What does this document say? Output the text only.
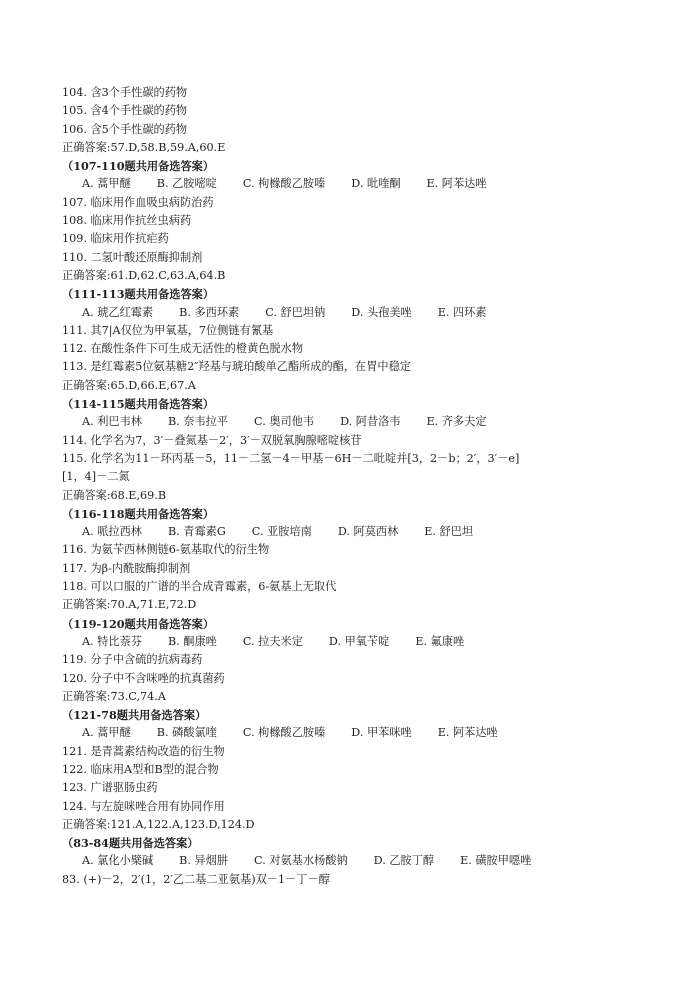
104. 含3个手性碳的药物
105. 含4个手性碳的药物
106. 含5个手性碳的药物
正确答案:57.D,58.B,59.A,60.E
（107-110题共用备选答案）
A. 蒿甲醚 B. 乙胺嘧啶 C. 枸橼酸乙胺嗪 D. 吡喹酮 E. 阿苯达唑
107. 临床用作血吸虫病防治药
108. 临床用作抗丝虫病药
109. 临床用作抗疟药
110. 二氢叶酸还原酶抑制剂
正确答案:61.D,62.C,63.A,64.B
（111-113题共用备选答案）
A. 琥乙红霉素 B. 多西环素 C. 舒巴坦钠 D. 头孢美唑 E. 四环素
111. 其7|A仅位为甲氧基，7位侧链有氰基
112. 在酸性条件下可生成无活性的橙黄色脱水物
113. 是红霉素5位氨基糖2″羟基与琥珀酸单乙酯所成的酯，在胃中稳定
正确答案:65.D,66.E,67.A
（114-115题共用备选答案）
A. 利巴韦林 B. 奈韦拉平 C. 奥司他韦 D. 阿昔洛韦 E. 齐多夫定
114. 化学名为7，3′－叠氮基－2′，3′－双脱氧胸腺嘧啶核苷
115. 化学名为11－环丙基－5，11－二氢－4－甲基－6H－二吡啶并[3，2－b；2′，3′－e]
[1，4]－二氮
正确答案:68.E,69.B
（116-118题共用备选答案）
A. 哌拉西林 B. 青霉素G C. 亚胺培南 D. 阿莫西林 E. 舒巴坦
116. 为氨苄西林侧链6-氨基取代的衍生物
117. 为β-内酰胺酶抑制剂
118. 可以口服的广谱的半合成青霉素，6-氨基上无取代
正确答案:70.A,71.E,72.D
（119-120题共用备选答案）
A. 特比萘芬 B. 酮康唑 C. 拉夫米定 D. 甲氧苄啶 E. 氟康唑
119. 分子中含硫的抗病毒药
120. 分子中不含咪唑的抗真菌药
正确答案:73.C,74.A
（121-78题共用备选答案）
A. 蒿甲醚 B. 磷酸氯喹 C. 枸橼酸乙胺嗪 D. 甲苯咪唑 E. 阿苯达唑
121. 是青蒿素结构改造的衍生物
122. 临床用A型和B型的混合物
123. 广谱驱肠虫药
124. 与左旋咪唑合用有协同作用
正确答案:121.A,122.A,123.D,124.D
（83-84题共用备选答案）
A. 氯化小檗碱 B. 异烟肼 C. 对氨基水杨酸钠 D. 乙胺丁醇 E. 磺胺甲噁唑
83. (+)－2，2′(1，2′乙二基二亚氨基)双－1－丁－醇
